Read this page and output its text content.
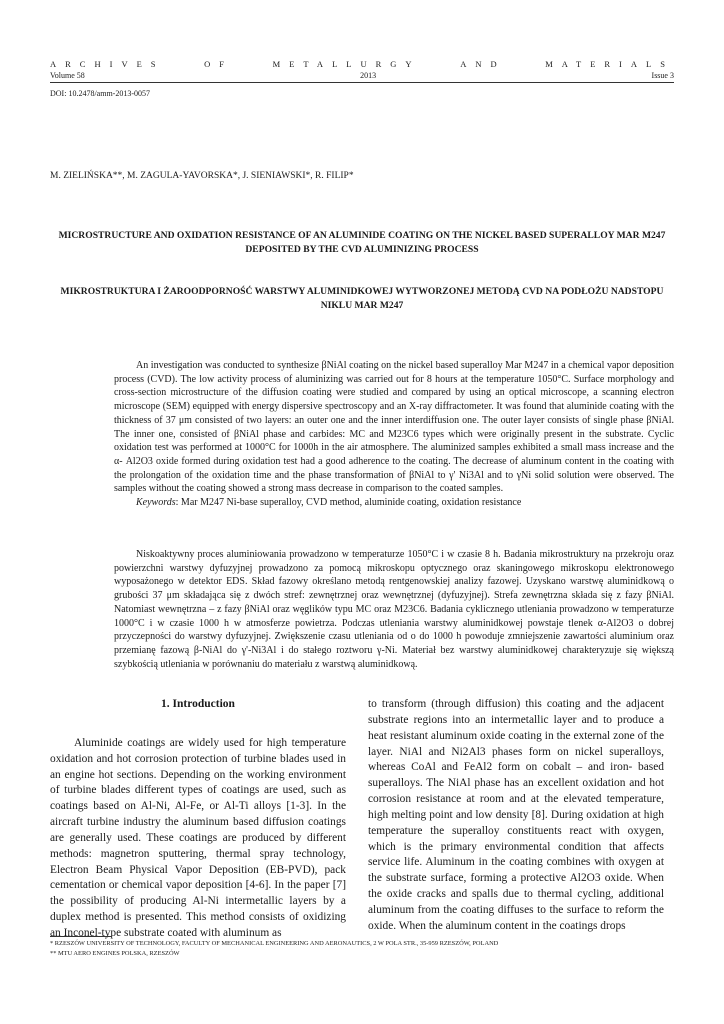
ARCHIVES	OF	METALLURGY	AND	MATERIALS
Volume 58	2013	Issue 3
DOI: 10.2478/amm-2013-0057
M. ZIELIŃSKA**, M. ZAGULA-YAVORSKA*, J. SIENIAWSKI*, R. FILIP*
MICROSTRUCTURE AND OXIDATION RESISTANCE OF AN ALUMINIDE COATING ON THE NICKEL BASED SUPERALLOY MAR M247 DEPOSITED BY THE CVD ALUMINIZING PROCESS
MIKROSTRUKTURA I ŻAROODPORNOŚĆ WARSTWY ALUMINIDKOWEJ WYTWORZONEJ METODĄ CVD NA PODŁOŻU NADSTOPU NIKLU MAR M247

An investigation was conducted to synthesize βNiAl coating on the nickel based superalloy Mar M247 in a chemical vapor deposition process (CVD). The low activity process of aluminizing was carried out for 8 hours at the temperature 1050°C. Surface morphology and cross-section microstructure of the diffusion coating were studied and compared by using an optical microscope, a scanning electron microscope (SEM) equipped with energy dispersive spectroscopy and an X-ray diffractometer. It was found that aluminide coating with the thickness of 37 μm consisted of two layers: an outer one and the inner interdiffusion one. The outer layer consists of single phase βNiAl. The inner one, consisted of βNiAl phase and carbides: MC and M23C6 types which were originally present in the substrate. Cyclic oxidation test was performed at 1000°C for 1000h in the air atmosphere. The aluminized samples exhibited a small mass increase and the α- Al2O3 oxide formed during oxidation test had a good adherence to the coating. The decrease of aluminum content in the coating with the prolongation of the oxidation time and the phase transformation of βNiAl to γ' Ni3Al and to γNi solid solution were observed. The samples without the coating showed a strong mass decrease in comparison to the coated samples.

Keywords: Mar M247 Ni-base superalloy, CVD method, aluminide coating, oxidation resistance

Niskoaktywny proces aluminiowania prowadzono w temperaturze 1050°C i w czasie 8 h. Badania mikrostruktury na przekroju oraz powierzchni warstwy dyfuzyjnej prowadzono za pomocą mikroskopu optycznego oraz skaningowego mikroskopu elektronowego wyposażonego w detektor EDS. Skład fazowy określano metodą rentgenowskiej analizy fazowej. Uzyskano warstwę aluminidkową o grubości 37 μm składająca się z dwóch stref: zewnętrznej oraz wewnętrznej (dyfuzyjnej). Strefa zewnętrzna składa się z fazy βNiAl. Natomiast wewnętrzna – z fazy βNiAl oraz węglików typu MC oraz M23C6. Badania cyklicznego utleniania prowadzono w temperaturze 1000°C i w czasie 1000 h w atmosferze powietrza. Podczas utleniania warstwy aluminidkowej powstaje tlenek α-Al2O3 o dobrej przyczepności do warstwy dyfuzyjnej. Zwiększenie czasu utleniania od o do 1000 h powoduje zmniejszenie zawartości aluminium oraz przemianę fazową β-NiAl do γ'-Ni3Al i do stałego roztworu γ-Ni. Materiał bez warstwy aluminidkowej charakteryzuje się większą szybkością utleniania w porównaniu do materiału z warstwą aluminidkową.

1. Introduction

Aluminide coatings are widely used for high temperature oxidation and hot corrosion protection of turbine blades used in an engine hot sections. Depending on the working environment of turbine blades different types of coatings are used, such as coatings based on Al-Ni, Al-Fe, or Al-Ti alloys [1-3]. In the aircraft turbine industry the aluminum based diffusion coatings are generally used. These coatings are produced by different methods: magnetron sputtering, thermal spray technology, Electron Beam Physical Vapor Deposition (EB-PVD), pack cementation or chemical vapor deposition [4-6]. In the paper [7] the possibility of producing Al-Ni intermetallic layers by a duplex method is presented. This method consists of oxidizing an Inconel-type substrate coated with aluminum as

to transform (through diffusion) this coating and the adjacent substrate regions into an intermetallic layer and to produce a heat resistant aluminum oxide coating in the external zone of the layer. NiAl and Ni2Al3 phases form on nickel superalloys, whereas CoAl and FeAl2 form on cobalt – and iron- based superalloys. The NiAl phase has an excellent oxidation and hot corrosion resistance at room and at the elevated temperature, high melting point and low density [8]. During oxidation at high temperature the superalloy constituents react with oxygen, which is the primary environmental condition that affects service life. Aluminum in the coating combines with oxygen at the substrate surface, forming a protective Al2O3 oxide. When the oxide cracks and spalls due to thermal cycling, additional aluminum from the coating diffuses to the surface to reform the oxide. When the aluminum content in the coatings drops

* RZESZÓW UNIVERSITY OF TECHNOLOGY, FACULTY OF MECHANICAL ENGINEERING AND AERONAUTICS, 2 W POLA STR., 35-959 RZESZÓW, POLAND
** MTU AERO ENGINES POLSKA, RZESZÓW
